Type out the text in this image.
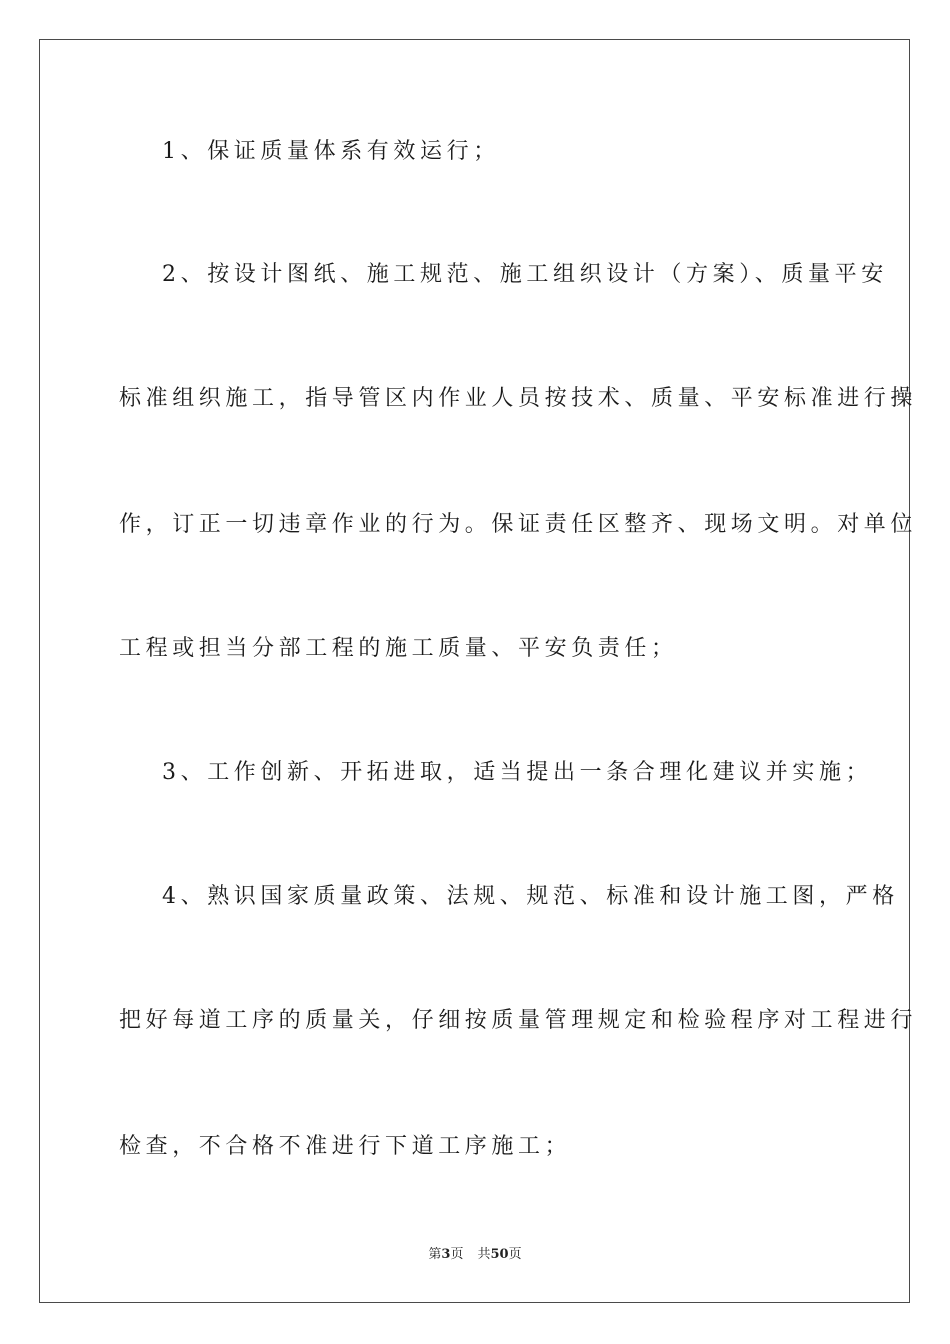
1、保证质量体系有效运行；
2、按设计图纸、施工规范、施工组织设计（方案）、质量平安
标准组织施工，指导管区内作业人员按技术、质量、平安标准进行操
作，订正一切违章作业的行为。保证责任区整齐、现场文明。对单位
工程或担当分部工程的施工质量、平安负责任；
3、工作创新、开拓进取，适当提出一条合理化建议并实施；
4、熟识国家质量政策、法规、规范、标准和设计施工图，严格
把好每道工序的质量关，仔细按质量管理规定和检验程序对工程进行
检查，不合格不准进行下道工序施工；
第3页 共50页
